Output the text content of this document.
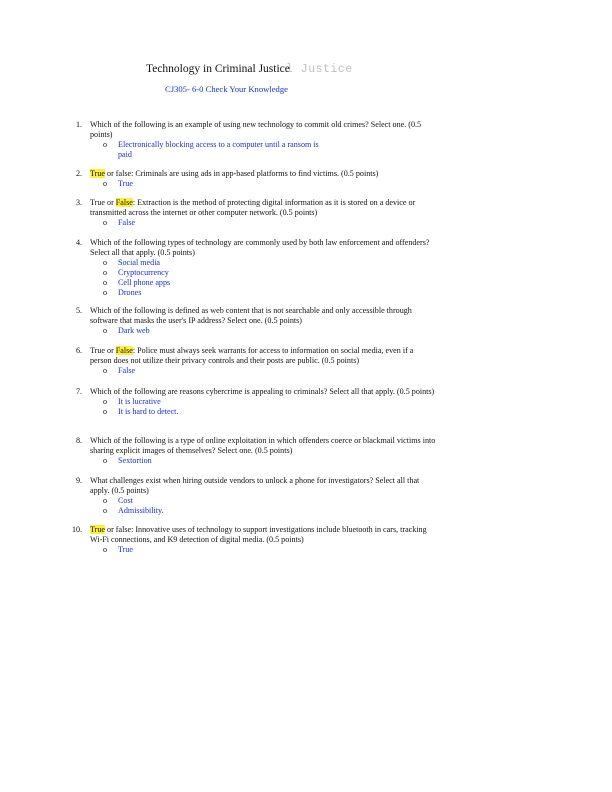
l Justice
Technology in Criminal Justice
CJ305- 6-0 Check Your Knowledge
1. Which of the following is an example of using new technology to commit old crimes? Select one. (0.5 points)
o Electronically blocking access to a computer until a ransom is paid
2. True or false: Criminals are using ads in app-based platforms to find victims. (0.5 points)
o True
3. True or False: Extraction is the method of protecting digital information as it is stored on a device or transmitted across the internet or other computer network. (0.5 points)
o False
4. Which of the following types of technology are commonly used by both law enforcement and offenders? Select all that apply. (0.5 points)
o Social media
o Cryptocurrency
o Cell phone apps
o Drones
5. Which of the following is defined as web content that is not searchable and only accessible through software that masks the user's IP address? Select one. (0.5 points)
o Dark web
6. True or False: Police must always seek warrants for access to information on social media, even if a person does not utilize their privacy controls and their posts are public. (0.5 points)
o False
7. Which of the following are reasons cybercrime is appealing to criminals? Select all that apply. (0.5 points)
o It is lucrative
o It is hard to detect.
8. Which of the following is a type of online exploitation in which offenders coerce or blackmail victims into sharing explicit images of themselves? Select one. (0.5 points)
o Sextortion
9. What challenges exist when hiring outside vendors to unlock a phone for investigators? Select all that apply. (0.5 points)
o Cost
o Admissibility.
10. True or false: Innovative uses of technology to support investigations include bluetooth in cars, tracking Wi-Fi connections, and K9 detection of digital media. (0.5 points)
o True
